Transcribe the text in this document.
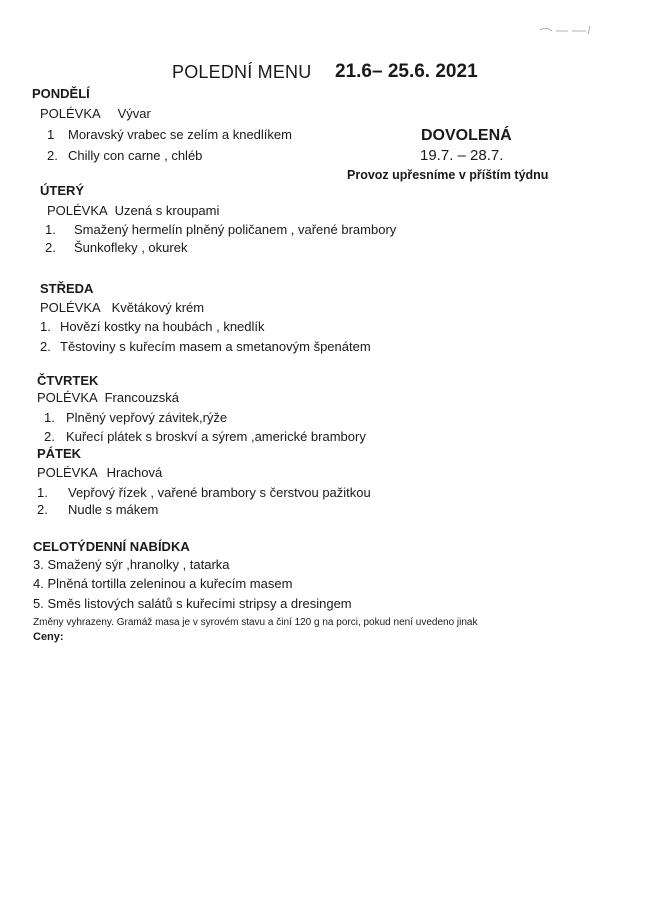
POLEDNÍ MENU 21.6– 25.6. 2021
DOVOLENÁ
19.7. – 28.7.
Provoz upřesníme v příštím týdnu
PONDĚLÍ
POLÉVKA Vývar
1 Moravský vrabec se zelím a knedlíkem
2. Chilly con carne , chléb
ÚTERÝ
POLÉVKA Uzená s kroupami
1. Smažený hermelín plněný poličanem , vařené brambory
2. Šunkofleky , okurek
STŘEDA
POLÉVKA Květákový krém
1. Hovězí kostky na houbách , knedlík
2. Těstoviny s kuřecím masem a smetanovým špenátem
ČTVRTEK
POLÉVKA Francouzská
1. Plněný vepřový závitek,rýže
2. Kuřecí plátek s broskví a sýrem ,americké brambory
PÁTEK
POLÉVKA Hrachová
1. Vepřový řízek , vařené brambory s čerstvou pažitkou
2. Nudle s mákem
CELOTÝDENNÍ NABÍDKA
3. Smažený sýr ,hranolky , tatarka
4. Plněná tortilla zeleninou a kuřecím masem
5. Směs listových salátů s kuřecími stripsy a dresingem
Změny vyhrazeny. Gramáž masa je v syrovém stavu a činí 120 g na porci, pokud není uvedeno jinak
Ceny:
